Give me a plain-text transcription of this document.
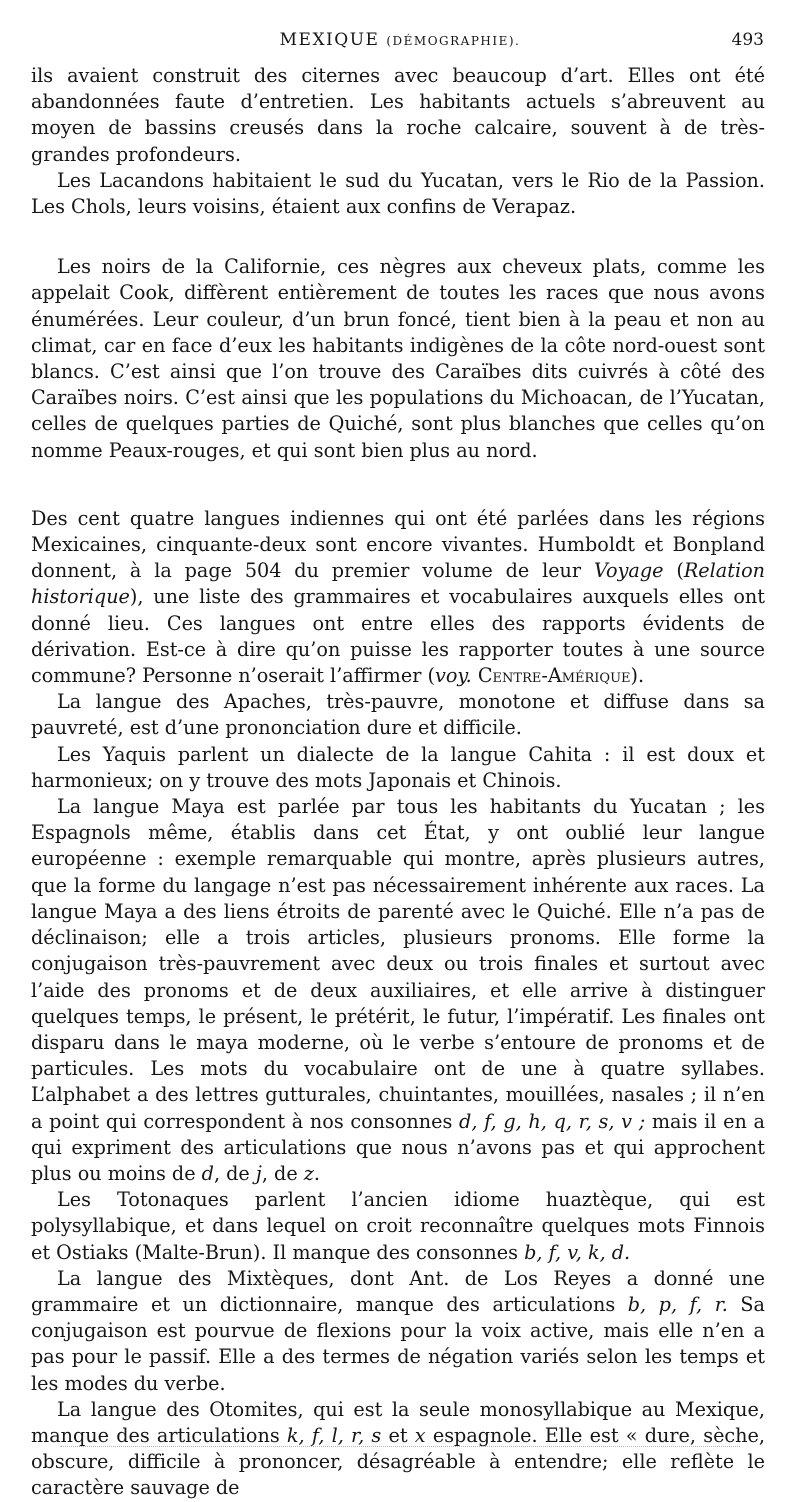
MEXIQUE (DÉMOGRAPHIE).	493

ils avaient construit des citernes avec beaucoup d’art. Elles ont été abandonnées faute d’entretien. Les habitants actuels s’abreuvent au moyen de bassins creusés dans la roche calcaire, souvent à de très-grandes profondeurs.

Les Lacandons habitaient le sud du Yucatan, vers le Rio de la Passion. Les Chols, leurs voisins, étaient aux confins de Verapaz.

Les noirs de la Californie, ces nègres aux cheveux plats, comme les appelait Cook, diffèrent entièrement de toutes les races que nous avons énumérées. Leur couleur, d’un brun foncé, tient bien à la peau et non au climat, car en face d’eux les habitants indigènes de la côte nord-ouest sont blancs. C’est ainsi que l’on trouve des Caraïbes dits cuivrés à côté des Caraïbes noirs. C’est ainsi que les populations du Michoacan, de l’Yucatan, celles de quelques parties de Quiché, sont plus blanches que celles qu’on nomme Peaux-rouges, et qui sont bien plus au nord.

Des cent quatre langues indiennes qui ont été parlées dans les régions Mexicaines, cinquante-deux sont encore vivantes. Humboldt et Bonpland donnent, à la page 504 du premier volume de leur Voyage (Relation historique), une liste des grammaires et vocabulaires auxquels elles ont donné lieu. Ces langues ont entre elles des rapports évidents de dérivation. Est-ce à dire qu’on puisse les rapporter toutes à une source commune? Personne n’oserait l’affirmer (voy. Centre-Amérique).

La langue des Apaches, très-pauvre, monotone et diffuse dans sa pauvreté, est d’une prononciation dure et difficile.

Les Yaquis parlent un dialecte de la langue Cahita : il est doux et harmonieux; on y trouve des mots Japonais et Chinois.

La langue Maya est parlée par tous les habitants du Yucatan ; les Espagnols même, établis dans cet État, y ont oublié leur langue européenne : exemple remarquable qui montre, après plusieurs autres, que la forme du langage n’est pas nécessairement inhérente aux races. La langue Maya a des liens étroits de parenté avec le Quiché. Elle n’a pas de déclinaison; elle a trois articles, plusieurs pronoms. Elle forme la conjugaison très-pauvrement avec deux ou trois finales et surtout avec l’aide des pronoms et de deux auxiliaires, et elle arrive à distinguer quelques temps, le présent, le prétérit, le futur, l’impératif. Les finales ont disparu dans le maya moderne, où le verbe s’entoure de pronoms et de particules. Les mots du vocabulaire ont de une à quatre syllabes. L’alphabet a des lettres gutturales, chuintantes, mouillées, nasales ; il n’en a point qui correspondent à nos consonnes d, f, g, h, q, r, s, v ; mais il en a qui expriment des articulations que nous n’avons pas et qui approchent plus ou moins de d, de j, de z.

Les Totonaques parlent l’ancien idiome huaztèque, qui est polysyllabique, et dans lequel on croit reconnaître quelques mots Finnois et Ostiaks (Malte-Brun). Il manque des consonnes b, f, v, k, d.

La langue des Mixtèques, dont Ant. de Los Reyes a donné une grammaire et un dictionnaire, manque des articulations b, p, f, r. Sa conjugaison est pourvue de flexions pour la voix active, mais elle n’en a pas pour le passif. Elle a des termes de négation variés selon les temps et les modes du verbe.

La langue des Otomites, qui est la seule monosyllabique au Mexique, manque des articulations k, f, l, r, s et x espagnole. Elle est « dure, sèche, obscure, difficile à prononcer, désagréable à entendre; elle reflète le caractère sauvage de
